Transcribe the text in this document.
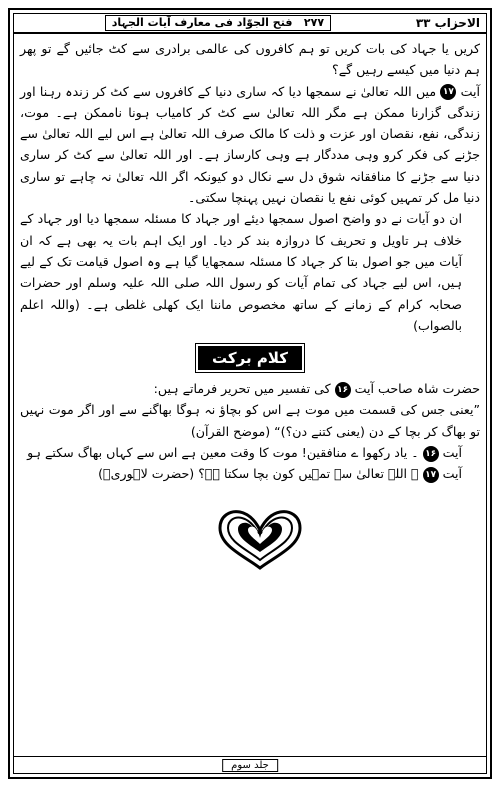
الاحزاب ۳۳
۲۷۷   فتح الجوّاد فی معارف آیات الجہاد

کریں یا جہاد کی بات کریں تو ہم کافروں کی عالمی برادری سے کٹ جائیں گے تو پھر ہم دنیا میں کیسے رہیں گے؟

آیت ۱۷ میں اللہ تعالیٰ نے سمجھا دیا کہ ساری دنیا کے کافروں سے کٹ کر زندہ رہنا اور زندگی گزارنا ممکن ہے مگر اللہ تعالیٰ سے کٹ کر کامیاب ہونا ناممکن ہے۔ موت، زندگی، نفع، نقصان اور عزت و ذلت کا مالک صرف اللہ تعالیٰ ہے اس لیے اللہ تعالیٰ سے جڑنے کی فکر کرو وہی مددگار ہے وہی کارساز ہے۔ اور اللہ تعالیٰ سے کٹ کر ساری دنیا سے جڑنے کا منافقانہ شوق دل سے نکال دو کیونکہ اگر اللہ تعالیٰ نہ چاہے تو ساری دنیا مل کر تمہیں کوئی نفع یا نقصان نہیں پہنچا سکتی۔

ان دو آیات نے دو واضح اصول سمجھا دیئے اور جہاد کا مسئلہ سمجھا دیا اور جہاد کے خلاف ہر تاویل و تحریف کا دروازہ بند کر دیا۔ اور ایک اہم بات یہ بھی ہے کہ ان آیات میں جو اصول بتا کر جہاد کا مسئلہ سمجھایا گیا ہے وہ اصول قیامت تک کے لیے ہیں، اس لیے جہاد کی تمام آیات کو رسول اللہ صلی اللہ علیہ وسلم اور حضرات صحابہ کرام کے زمانے کے ساتھ مخصوص ماننا ایک کھلی غلطی ہے۔ (واللہ اعلم بالصواب)

کلام برکت

حضرت شاہ صاحب آیت ۱۶ کی تفسیر میں تحریر فرماتے ہیں:

”یعنی جس کی قسمت میں موت ہے اس کو بچاؤ نہ ہوگا بھاگنے سے اور اگر موت نہیں تو بھاگ کر بچا کے دن (یعنی کتنے دن؟)“ (موضح القرآن)

آیت ۱۶ ۔ یاد رکھوا ے منافقین! موت کا وقت معین ہے اس سے کہاں بھاگ سکتے ہو

آیت ۱۷ ۔ اللہ تعالیٰ سے تمہیں کون بچا سکتا ہے؟ (حضرت لاہوریؒ)

جلد سوم
